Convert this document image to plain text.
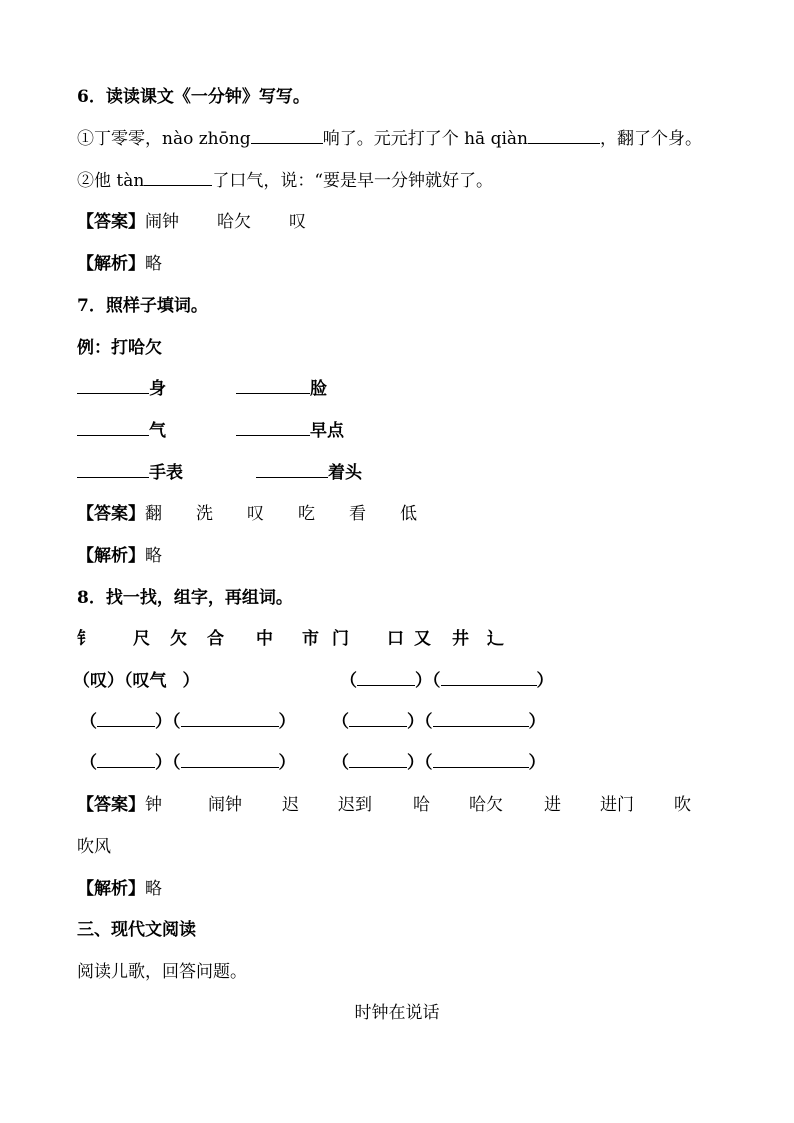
6．读读课文《一分钟》写写。
①丁零零，nào zhōng	响了。元元打了个 hā qiàn	，翻了个身。
②他 tàn	了口气，说：“要是早一分钟就好了。
【答案】闹钟 哈欠 叹
【解析】略
7．照样子填词。
例：打哈欠
身	脸
气	早点
手表	着头
【答案】翻 洗 叹 吃 看 低
【解析】略
8．找一找，组字，再组词。
钅 尺 欠 合 中 市 门 口 又 井 辶
（叹）（叹气 ）	（	）（	）
（	）（	） （	）（	）
（	）（	） （	）（	）
【答案】钟	闹钟 迟 迟到 哈 哈欠 进 进门 吹
吹风
【解析】略
三、现代文阅读
阅读儿歌，回答问题。
时钟在说话
